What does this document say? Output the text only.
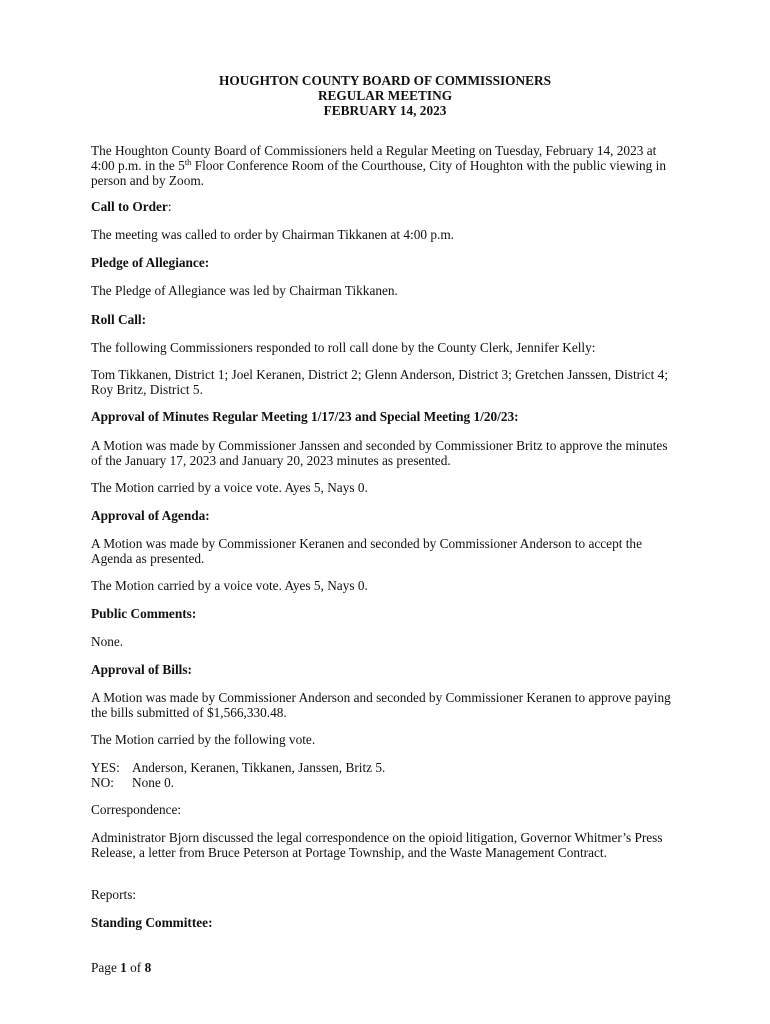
HOUGHTON COUNTY BOARD OF COMMISSIONERS
REGULAR MEETING
FEBRUARY 14, 2023

The Houghton County Board of Commissioners held a Regular Meeting on Tuesday, February 14, 2023 at 4:00 p.m. in the 5th Floor Conference Room of the Courthouse, City of Houghton with the public viewing in person and by Zoom.

Call to Order:

The meeting was called to order by Chairman Tikkanen at 4:00 p.m.

Pledge of Allegiance:

The Pledge of Allegiance was led by Chairman Tikkanen.

Roll Call:

The following Commissioners responded to roll call done by the County Clerk, Jennifer Kelly:

Tom Tikkanen, District 1; Joel Keranen, District 2; Glenn Anderson, District 3; Gretchen Janssen, District 4; Roy Britz, District 5.

Approval of Minutes Regular Meeting 1/17/23 and Special Meeting 1/20/23:

A Motion was made by Commissioner Janssen and seconded by Commissioner Britz to approve the minutes of the January 17, 2023 and January 20, 2023 minutes as presented.

The Motion carried by a voice vote. Ayes 5, Nays 0.

Approval of Agenda:

A Motion was made by Commissioner Keranen and seconded by Commissioner Anderson to accept the Agenda as presented.

The Motion carried by a voice vote. Ayes 5, Nays 0.

Public Comments:

None.

Approval of Bills:

A Motion was made by Commissioner Anderson and seconded by Commissioner Keranen to approve paying the bills submitted of $1,566,330.48.

The Motion carried by the following vote.

YES: Anderson, Keranen, Tikkanen, Janssen, Britz 5.
NO: None 0.

Correspondence:

Administrator Bjorn discussed the legal correspondence on the opioid litigation, Governor Whitmer’s Press Release, a letter from Bruce Peterson at Portage Township, and the Waste Management Contract.

Reports:

Standing Committee:

Page 1 of 8
